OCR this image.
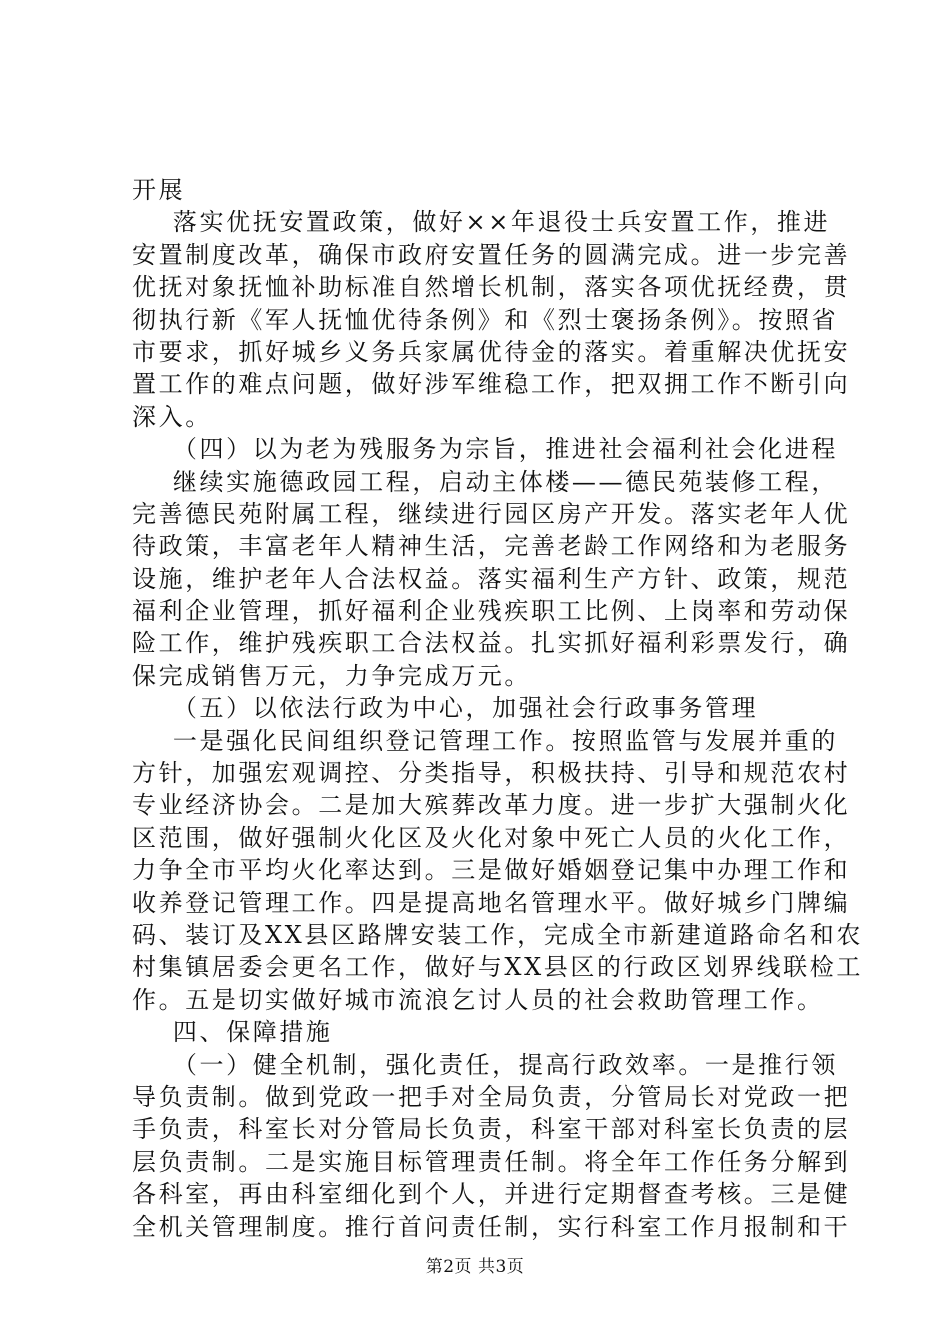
开展
落实优抚安置政策，做好××年退役士兵安置工作，推进
安置制度改革，确保市政府安置任务的圆满完成。进一步完善
优抚对象抚恤补助标准自然增长机制，落实各项优抚经费，贯
彻执行新《军人抚恤优待条例》和《烈士褒扬条例》。按照省
市要求，抓好城乡义务兵家属优待金的落实。着重解决优抚安
置工作的难点问题，做好涉军维稳工作，把双拥工作不断引向
深入。
（四）以为老为残服务为宗旨，推进社会福利社会化进程
继续实施德政园工程，启动主体楼——德民苑装修工程，
完善德民苑附属工程，继续进行园区房产开发。落实老年人优
待政策，丰富老年人精神生活，完善老龄工作网络和为老服务
设施，维护老年人合法权益。落实福利生产方针、政策，规范
福利企业管理，抓好福利企业残疾职工比例、上岗率和劳动保
险工作，维护残疾职工合法权益。扎实抓好福利彩票发行，确
保完成销售万元，力争完成万元。
（五）以依法行政为中心，加强社会行政事务管理
一是强化民间组织登记管理工作。按照监管与发展并重的
方针，加强宏观调控、分类指导，积极扶持、引导和规范农村
专业经济协会。二是加大殡葬改革力度。进一步扩大强制火化
区范围，做好强制火化区及火化对象中死亡人员的火化工作，
力争全市平均火化率达到。三是做好婚姻登记集中办理工作和
收养登记管理工作。四是提高地名管理水平。做好城乡门牌编
码、装订及XX县区路牌安装工作，完成全市新建道路命名和农
村集镇居委会更名工作，做好与XX县区的行政区划界线联检工
作。五是切实做好城市流浪乞讨人员的社会救助管理工作。
四、保障措施
（一）健全机制，强化责任，提高行政效率。一是推行领
导负责制。做到党政一把手对全局负责，分管局长对党政一把
手负责，科室长对分管局长负责，科室干部对科室长负责的层
层负责制。二是实施目标管理责任制。将全年工作任务分解到
各科室，再由科室细化到个人，并进行定期督查考核。三是健
全机关管理制度。推行首问责任制，实行科室工作月报制和干
第2页 共3页
